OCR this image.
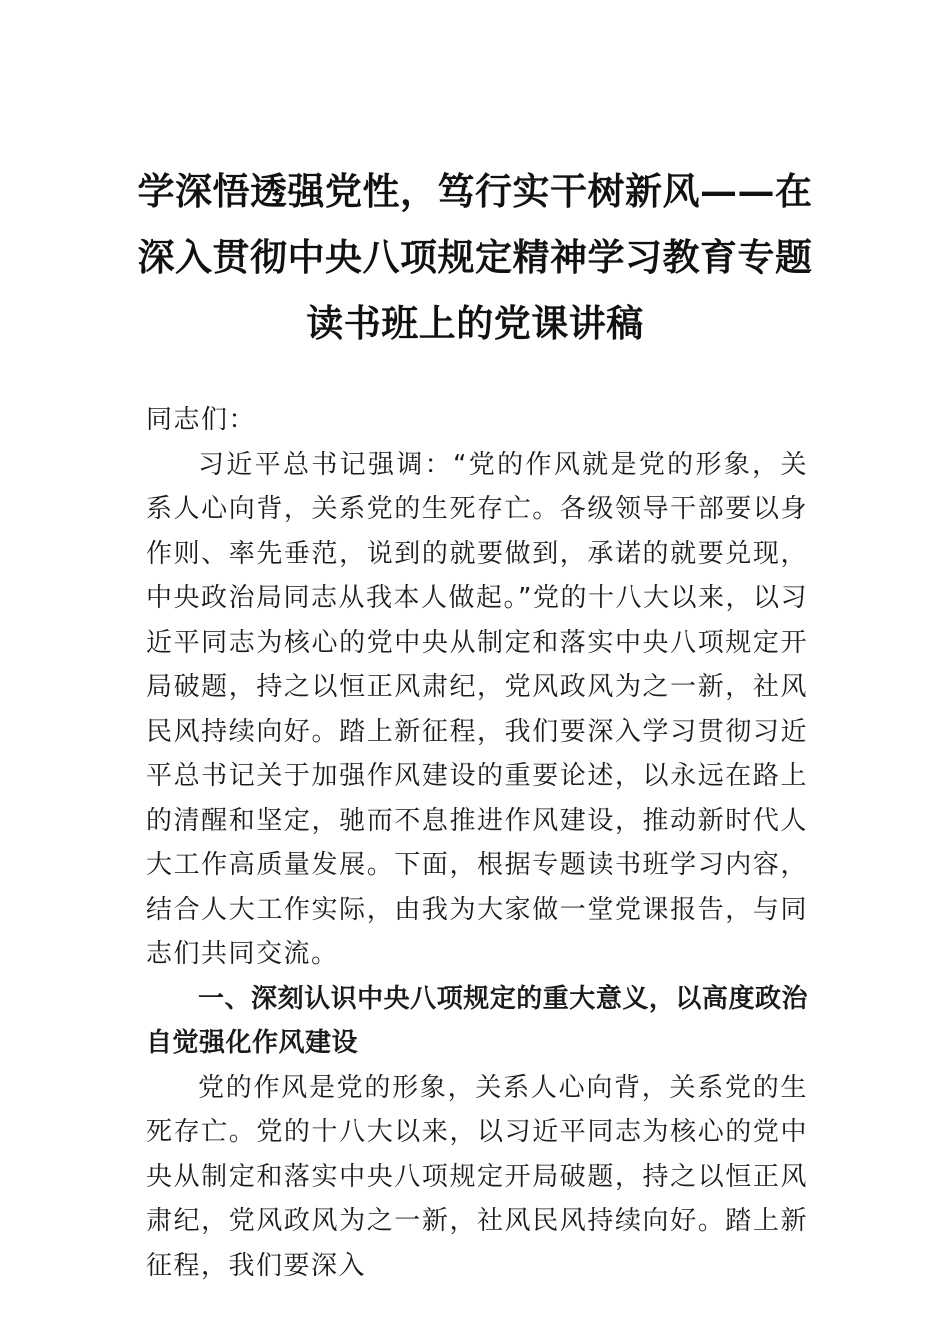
学深悟透强党性，笃行实干树新风——在
深入贯彻中央八项规定精神学习教育专题
读书班上的党课讲稿

同志们：

习近平总书记强调：“党的作风就是党的形象，关系人心向背，关系党的生死存亡。各级领导干部要以身作则、率先垂范，说到的就要做到，承诺的就要兑现，中央政治局同志从我本人做起。”党的十八大以来，以习近平同志为核心的党中央从制定和落实中央八项规定开局破题，持之以恒正风肃纪，党风政风为之一新，社风民风持续向好。踏上新征程，我们要深入学习贯彻习近平总书记关于加强作风建设的重要论述，以永远在路上的清醒和坚定，驰而不息推进作风建设，推动新时代人大工作高质量发展。下面，根据专题读书班学习内容，结合人大工作实际，由我为大家做一堂党课报告，与同志们共同交流。

一、深刻认识中央八项规定的重大意义，以高度政治自觉强化作风建设

党的作风是党的形象，关系人心向背，关系党的生死存亡。党的十八大以来，以习近平同志为核心的党中央从制定和落实中央八项规定开局破题，持之以恒正风肃纪，党风政风为之一新，社风民风持续向好。踏上新征程，我们要深入
